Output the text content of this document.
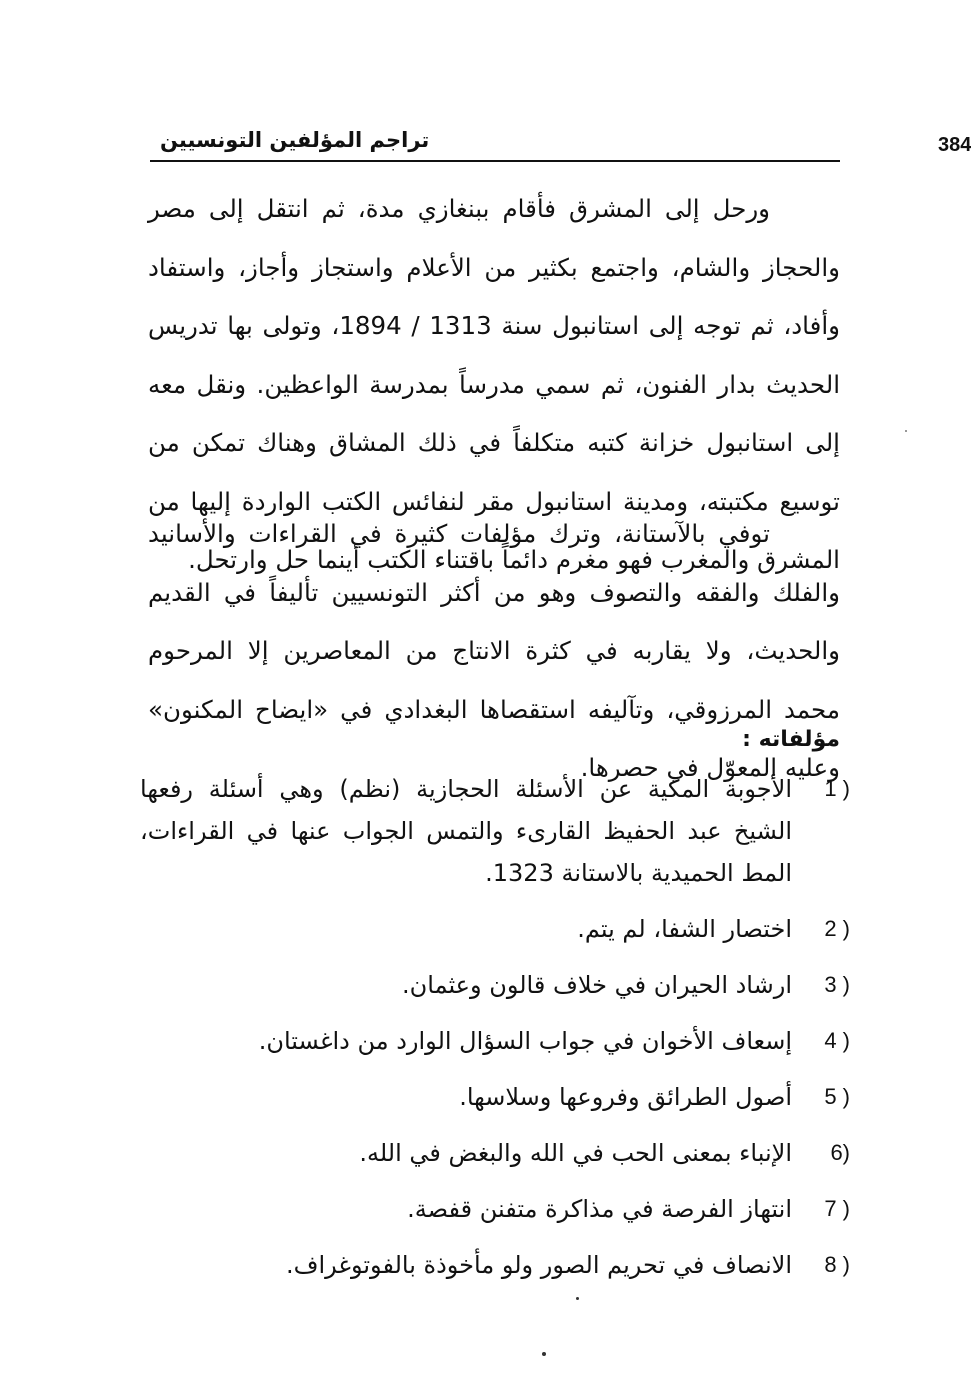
تراجم المؤلفين التونسيين	384

ورحل إلى المشرق فأقام ببنغازي مدة، ثم انتقل إلى مصر والحجاز والشام، واجتمع بكثير من الأعلام واستجاز وأجاز، واستفاد وأفاد، ثم توجه إلى استانبول سنة 1313 / 1894، وتولى بها تدريس الحديث بدار الفنون، ثم سمي مدرساً بمدرسة الواعظين. ونقل معه إلى استانبول خزانة كتبه متكلفاً في ذلك المشاق وهناك تمكن من توسيع مكتبته، ومدينة استانبول مقر لنفائس الكتب الواردة إليها من المشرق والمغرب فهو مغرم دائماً باقتناء الكتب أينما حل وارتحل.

توفي بالآستانة، وترك مؤلفات كثيرة في القراءات والأسانيد والفلك والفقه والتصوف وهو من أكثر التونسيين تأليفاً في القديم والحديث، ولا يقاربه في كثرة الانتاج من المعاصرين إلا المرحوم محمد المرزوقي، وتآليفه استقصاها البغدادي في «ايضاح المكنون» وعليه المعوّل في حصرها.

مؤلفاته :
1 )
الأجوبة المكية عن الأسئلة الحجازية (نظم) وهي أسئلة رفعها الشيخ عبد الحفيظ القارىء والتمس الجواب عنها في القراءات، المط الحميدية بالاستانة 1323.
2 )
اختصار الشفا، لم يتم.
3 )
ارشاد الحيران في خلاف قالون وعثمان.
4 )
إسعاف الأخوان في جواب السؤال الوارد من داغستان.
5 )
أصول الطرائق وفروعها وسلاسها.
6)
الإنباء بمعنى الحب في الله والبغض في الله.
7 )
انتهاز الفرصة في مذاكرة متفنن قفصة.
8 )
الانصاف في تحريم الصور ولو مأخوذة بالفوتوغراف.
